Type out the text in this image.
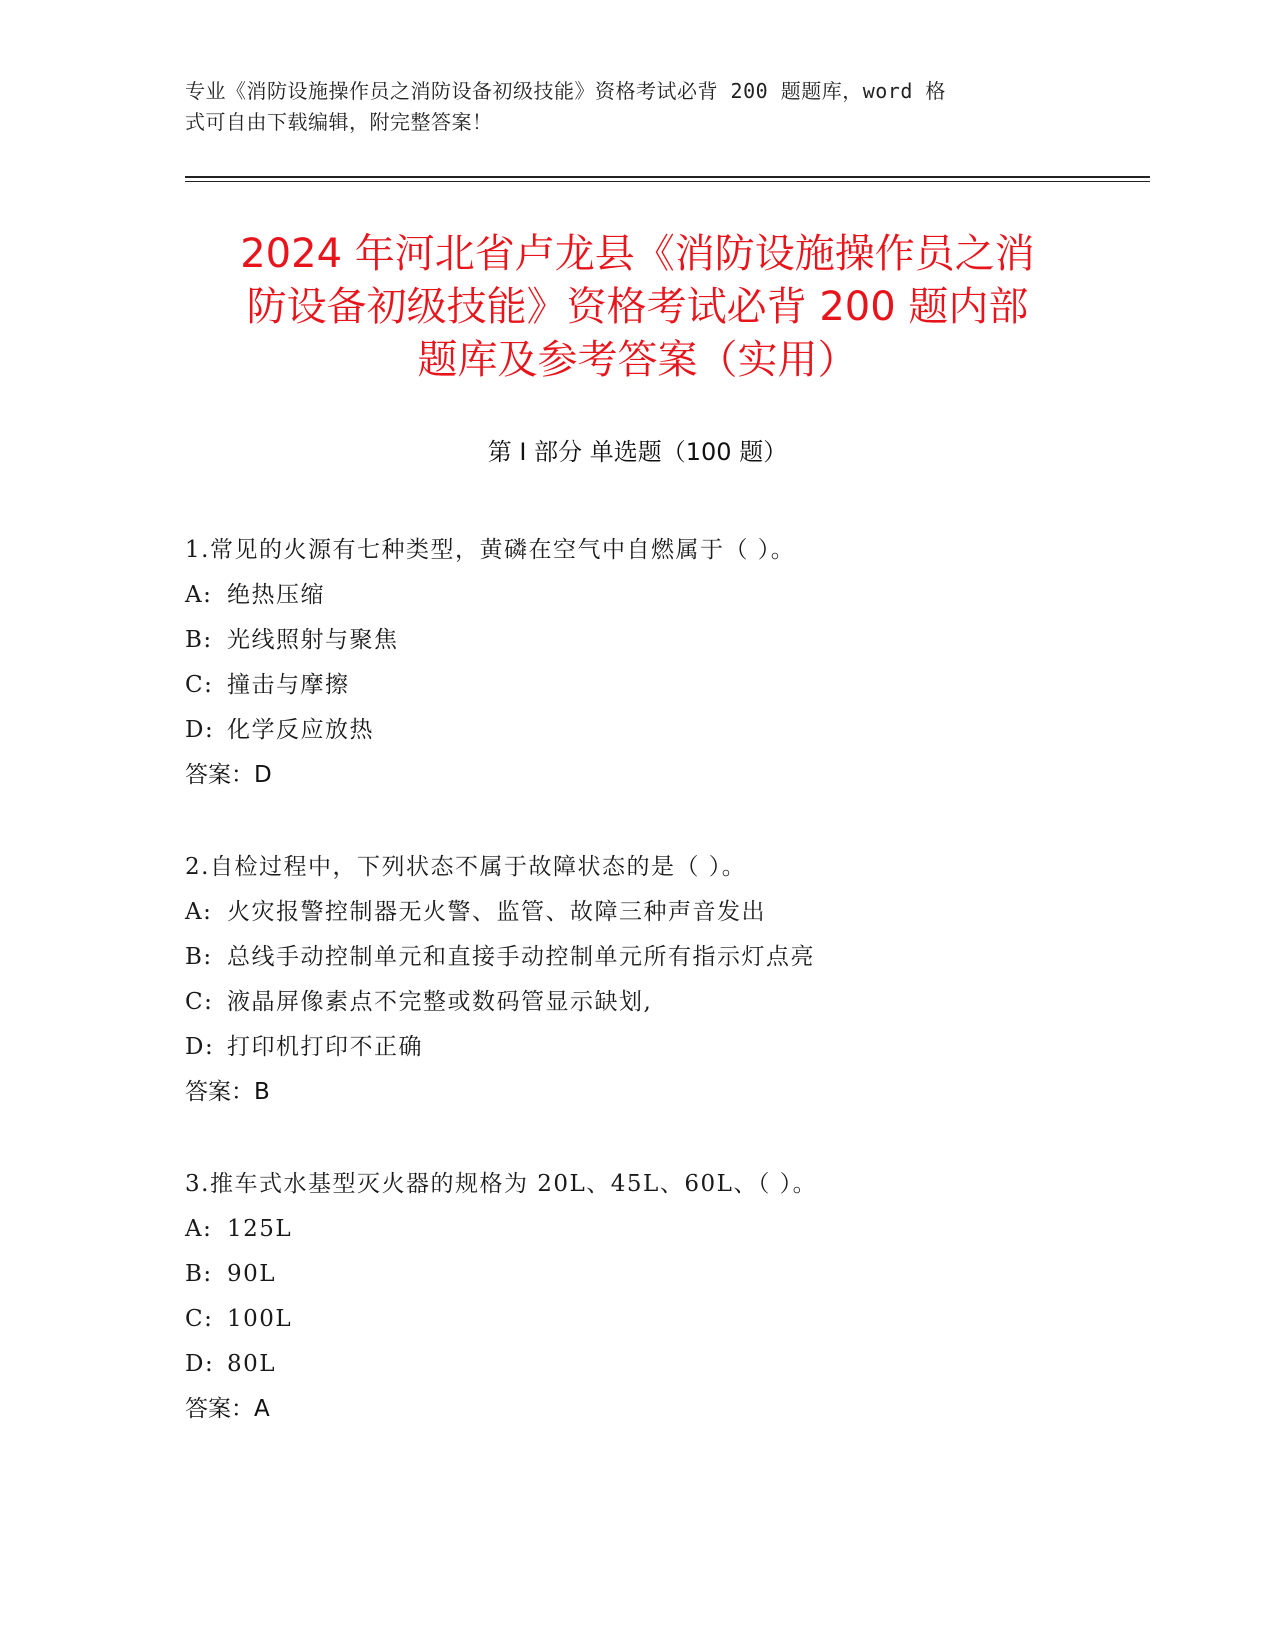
专业《消防设施操作员之消防设备初级技能》资格考试必背 200 题题库，word 格
式可自由下载编辑，附完整答案！
2024 年河北省卢龙县《消防设施操作员之消
防设备初级技能》资格考试必背 200 题内部
题库及参考答案（实用）
第 I 部分 单选题（100 题）
1.常见的火源有七种类型，黄磷在空气中自燃属于（ ）。
A: 绝热压缩
B: 光线照射与聚焦
C: 撞击与摩擦
D: 化学反应放热
答案：D
2.自检过程中，下列状态不属于故障状态的是（ ）。
A: 火灾报警控制器无火警、监管、故障三种声音发出
B: 总线手动控制单元和直接手动控制单元所有指示灯点亮
C: 液晶屏像素点不完整或数码管显示缺划,
D: 打印机打印不正确
答案：B
3.推车式水基型灭火器的规格为 20L、45L、60L、（ ）。
A: 125L
B: 90L
C: 100L
D: 80L
答案：A
